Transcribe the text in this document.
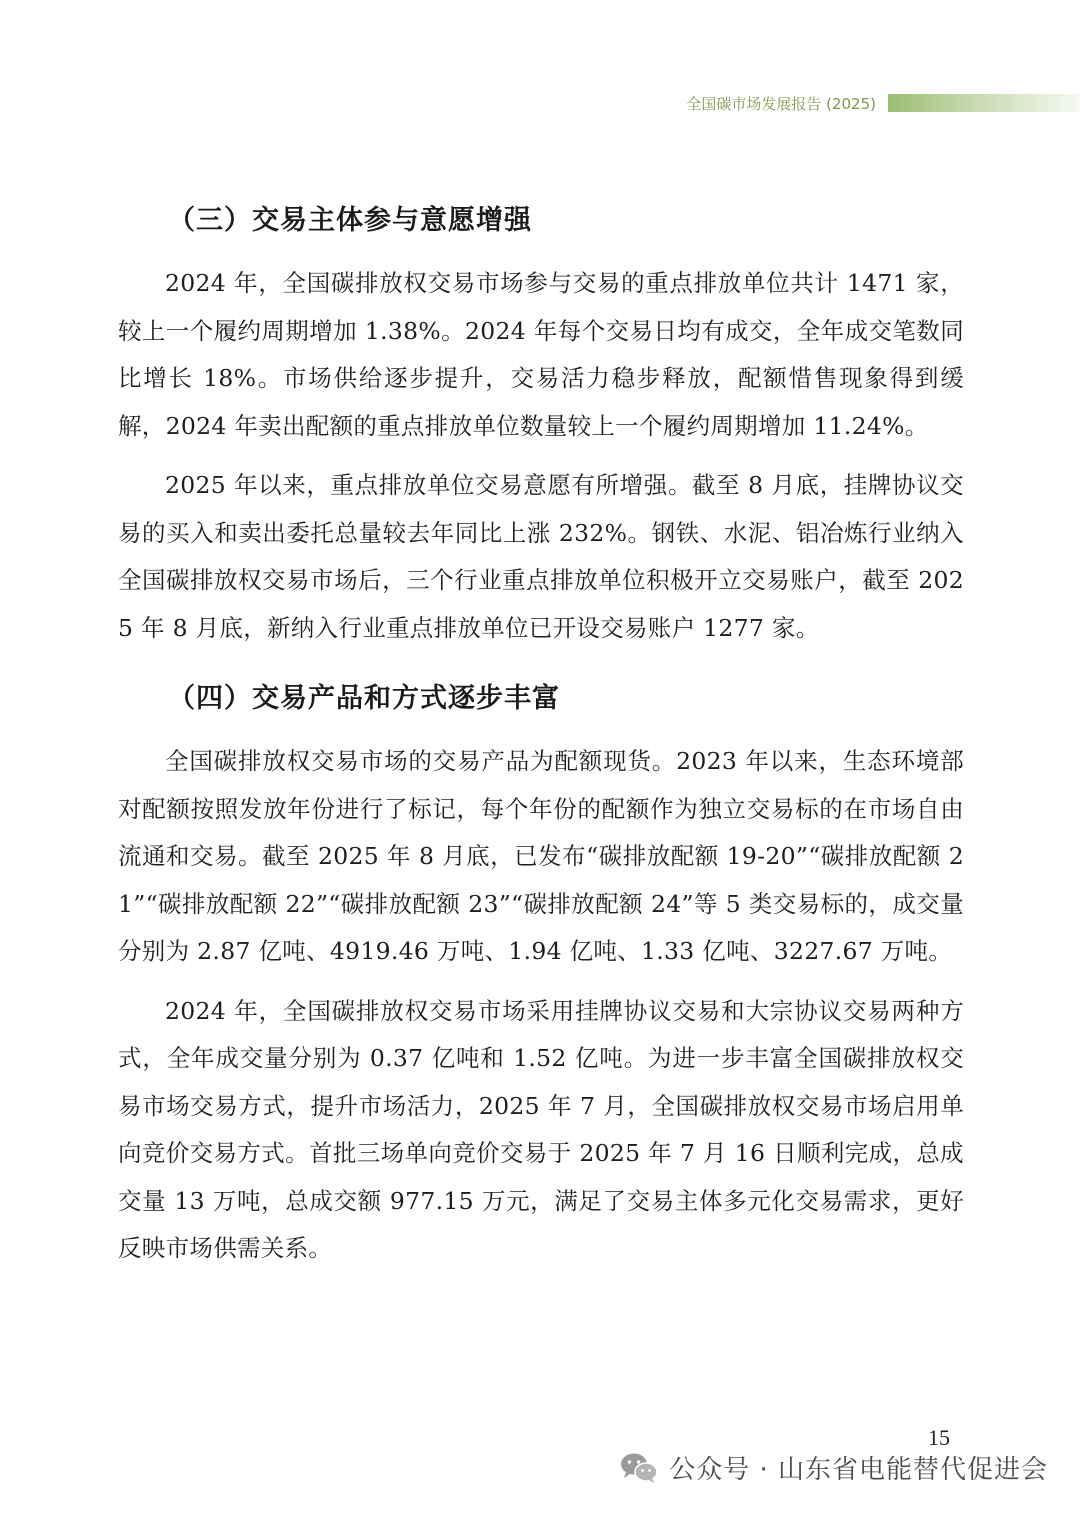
全国碳市场发展报告 (2025)
（三）交易主体参与意愿增强

2024 年，全国碳排放权交易市场参与交易的重点排放单位共计 1471 家，较上一个履约周期增加 1.38%。2024 年每个交易日均有成交，全年成交笔数同比增长 18%。市场供给逐步提升，交易活力稳步释放，配额惜售现象得到缓解，2024 年卖出配额的重点排放单位数量较上一个履约周期增加 11.24%。

2025 年以来，重点排放单位交易意愿有所增强。截至 8 月底，挂牌协议交易的买入和卖出委托总量较去年同比上涨 232%。钢铁、水泥、铝冶炼行业纳入全国碳排放权交易市场后，三个行业重点排放单位积极开立交易账户，截至 2025 年 8 月底，新纳入行业重点排放单位已开设交易账户 1277 家。

（四）交易产品和方式逐步丰富

全国碳排放权交易市场的交易产品为配额现货。2023 年以来，生态环境部对配额按照发放年份进行了标记，每个年份的配额作为独立交易标的在市场自由流通和交易。截至 2025 年 8 月底，已发布“碳排放配额 19-20”“碳排放配额 21”“碳排放配额 22”“碳排放配额 23”“碳排放配额 24”等 5 类交易标的，成交量分别为 2.87 亿吨、4919.46 万吨、1.94 亿吨、1.33 亿吨、3227.67 万吨。

2024 年，全国碳排放权交易市场采用挂牌协议交易和大宗协议交易两种方式，全年成交量分别为 0.37 亿吨和 1.52 亿吨。为进一步丰富全国碳排放权交易市场交易方式，提升市场活力，2025 年 7 月，全国碳排放权交易市场启用单向竞价交易方式。首批三场单向竞价交易于 2025 年 7 月 16 日顺利完成，总成交量 13 万吨，总成交额 977.15 万元，满足了交易主体多元化交易需求，更好反映市场供需关系。

15
公众号 · 山东省电能替代促进会
